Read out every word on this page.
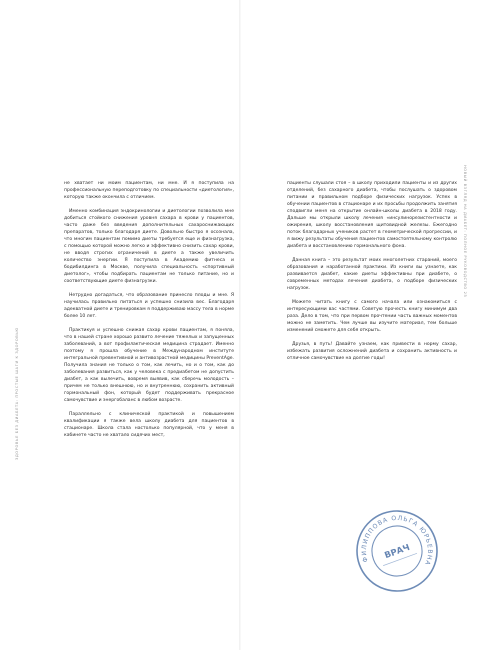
ЗДОРОВЬЕ БЕЗ ДИАБЕТА: ПРОСТЫЕ ШАГИ К ЗДОРОВЬЮ
НОВЫЙ ВЗГЛЯД НА ДИАБЕТ: ПОЛНОЕ РУКОВОДСТВО 25

не хватает ни моим пациентам, ни мне. И я поступила на профессиональную переподготовку по специальности «диетология», которую также окончила с отличием.

Именно комбинация эндокринологии и диетологии позволила мне добиться стойкого снижения уровня сахара в крови у пациентов, часто даже без введения дополнительных сахароснижающих препаратов, только благодаря диете. Довольно быстро я осознала, что многим пациентам помимо диеты требуется еще и физнагрузка, с помощью которой можно легко и эффективно снизить сахар крови, не вводя строгих ограничений в диете а также увеличить количество энергии. Я поступила в Академию фитнеса и бодибилдинга в Москве, получила специальность «спортивный диетолог», чтобы подбирать пациентам не только питание, но и соответствующие диете физнагрузки.

Нетрудно догадаться, что образование принесло плоды и мне. Я научилась правильно питаться и успешно снизила вес. Благодаря адекватной диете и тренировкам я поддерживаю массу тела в норме более 10 лет.

Практикуя и успешно снижая сахар крови пациентам, я поняла, что в нашей стране хорошо развито лечение тяжелых и запущенных заболеваний, а вот профилактическая медицина страдает. Именно поэтому я прошла обучение в Международном институте интегральной превентивной и антивозрастной медицины PreventAge. Получила знания не только о том, как лечить, но и о том, как до заболевания развиться, как у человека с предиабетом не допустить диабет, а как вылечить, вовремя выявив, как сберечь молодость – причем не только внешнюю, но и внутреннюю, сохранить активный гормональный фон, который будет поддерживать прекрасное самочувствие и энергобаланс в любом возрасте.

Параллельно с клинической практикой и повышением квалификации я также вела школу диабета для пациентов в стационаре. Школа стала настолько популярной, что у меня в кабинете часто не хватало сидячих мест,

пациенты слушали стоя – в школу приходили пациенты и из других отделений, без сахарного диабета, чтобы послушать о здоровом питании и правильном подборе физических нагрузок. Успех в обучении пациентов в стационаре и их просьбы продолжить занятия сподвигли меня на открытие онлайн-школы диабета в 2018 году. Дальше мы открыли школу лечения «инсулинорезистентности и ожирения, школу восстановления щитовидной железы. Ежегодно поток благодарных учеников растет в геометрической прогрессии, и я вижу результаты обучения пациентов самостоятельному контролю диабета и восстановлению гормонального фона.

Данная книга – это результат моих многолетних стараний, моего образования и наработанной практики. Из книги вы узнаете, как развивается диабет, какие диеты эффективны при диабете, о современных методах лечения диабета, о подборе физических нагрузок.

Можете читать книгу с самого начала или ознакомиться с интересующими вас частями. Советую прочесть книгу минимум два раза. Дело в том, что при первом прочтении часть важных моментов можно не заметить. Чем лучше вы изучите материал, тем больше изменений сможете для себя открыть.

Друзья, в путь! Давайте узнаем, как привести в норму сахар, избежать развития осложнений диабета и сохранить активность и отличное самочувствие на долгие годы!

ФИЛИППОВА ОЛЬГА ЮРЬЕВНА
ВРАЧ
